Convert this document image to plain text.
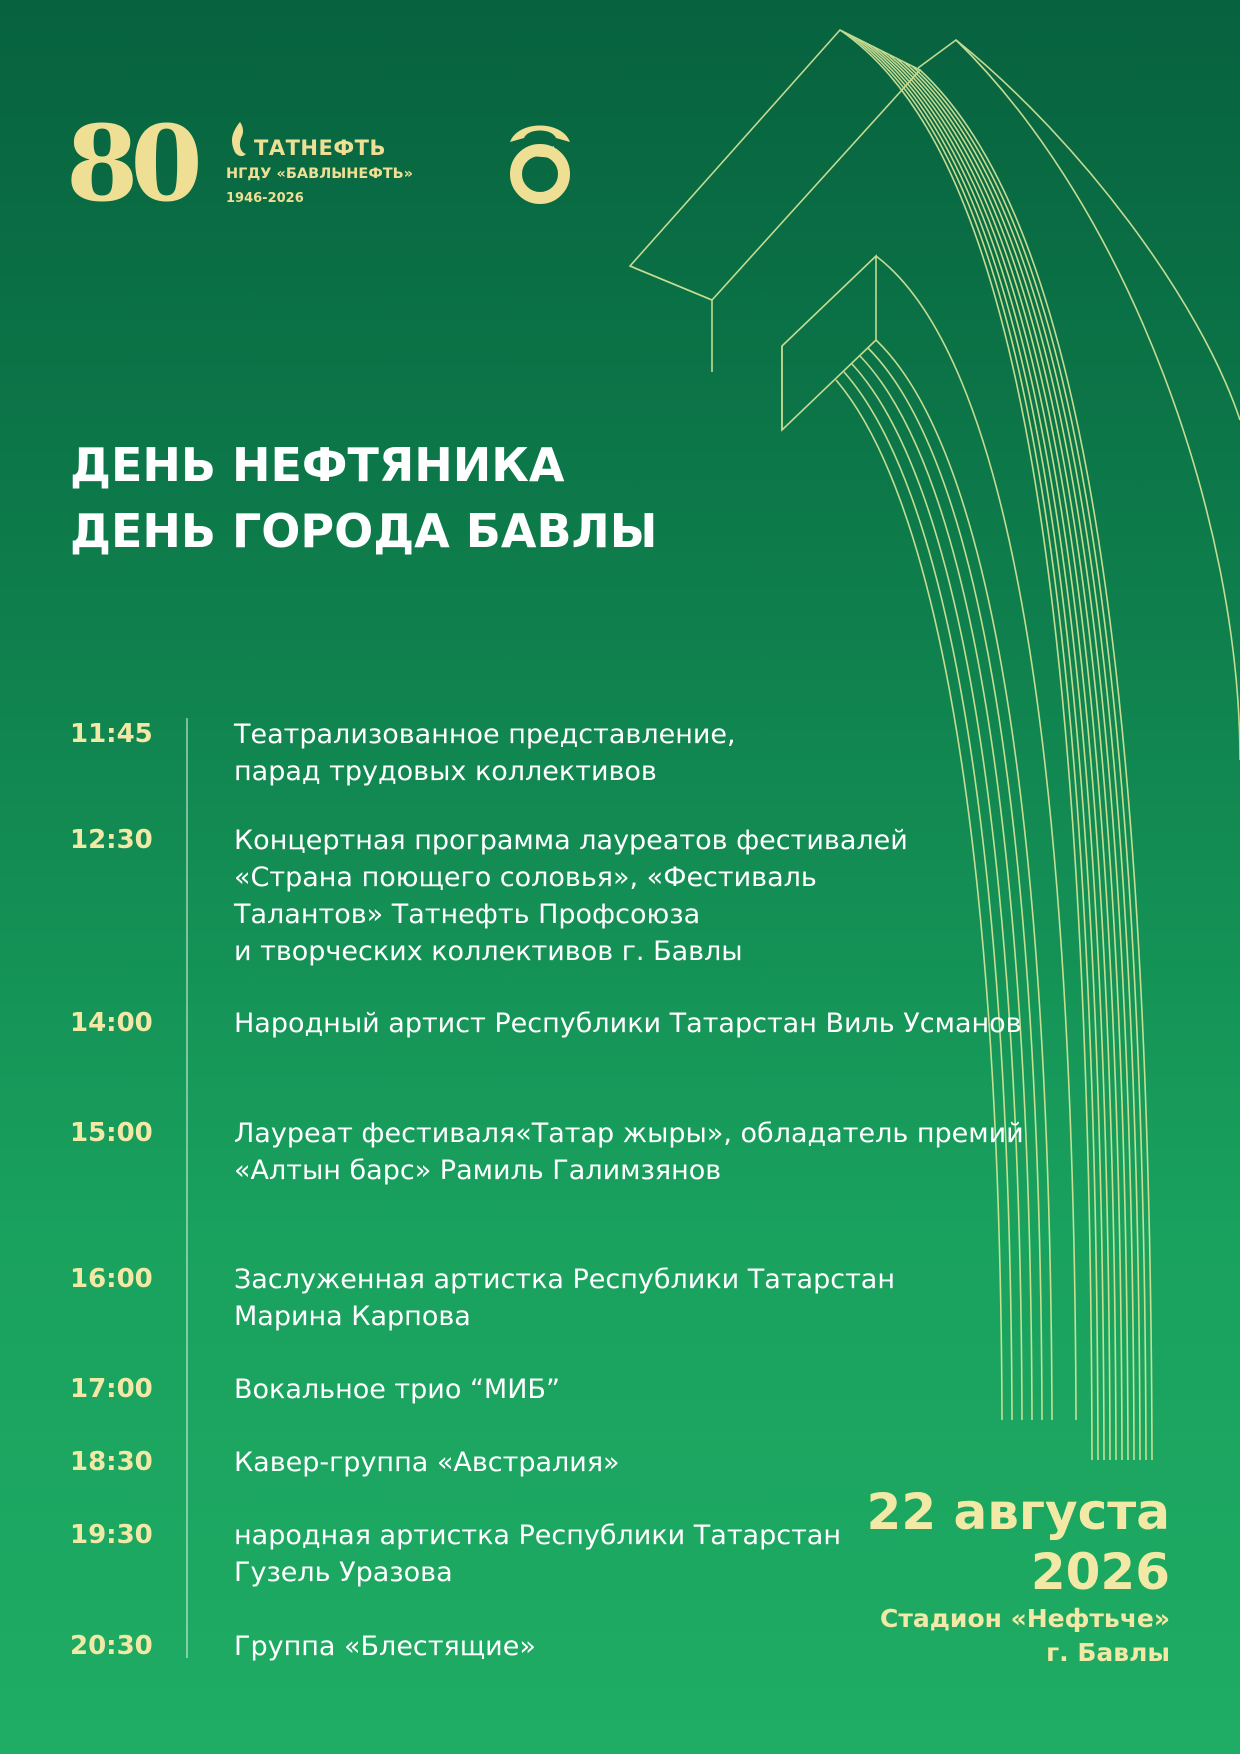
80	ТАТНЕФТЬ
НГДУ «БАВЛЫНЕФТЬ»
1946-2026
ДЕНЬ НЕФТЯНИКА
ДЕНЬ ГОРОДА БАВЛЫ
11:45	Театрализованное представление,
парад трудовых коллективов
12:30	Концертная программа лауреатов фестивалей
«Страна поющего соловья», «Фестиваль
Талантов» Татнефть Профсоюза
и творческих коллективов г. Бавлы
14:00	Народный артист Республики Татарстан Виль Усманов
15:00	Лауреат фестиваля«Татар жыры», обладатель премий
«Алтын барс» Рамиль Галимзянов
16:00	Заслуженная артистка Республики Татарстан
Марина Карпова
17:00	Вокальное трио “МИБ”
18:30	Кавер-группа «Австралия»
19:30	народная артистка Республики Татарстан
Гузель Уразова
20:30	Группа «Блестящие»
22 августа
2026
Стадион «Нефтьче»
г. Бавлы
